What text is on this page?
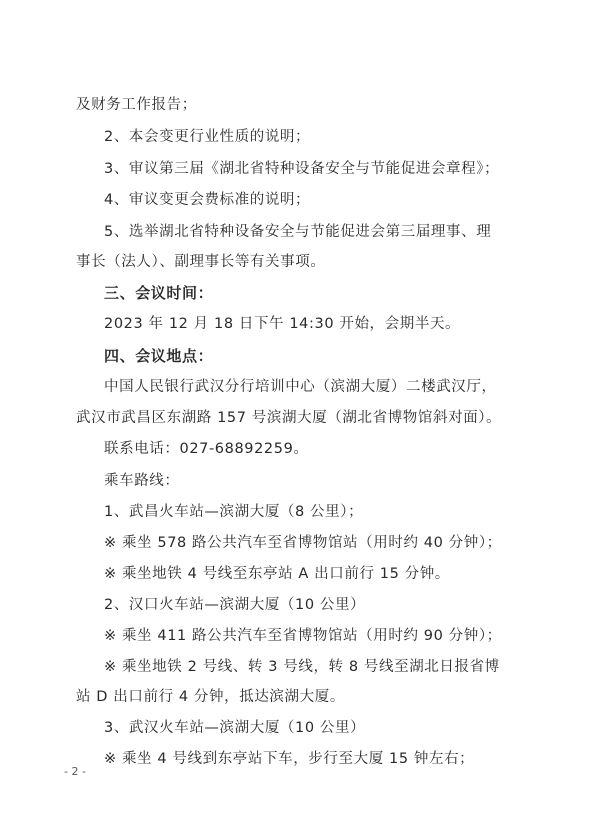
及财务工作报告；
2、本会变更行业性质的说明；
3、审议第三届《湖北省特种设备安全与节能促进会章程》；
4、审议变更会费标准的说明；
5、选举湖北省特种设备安全与节能促进会第三届理事、理
事长（法人）、副理事长等有关事项。
三、会议时间：
2023 年 12 月 18 日下午 14:30 开始，会期半天。
四、会议地点：
中国人民银行武汉分行培训中心（滨湖大厦）二楼武汉厅，
武汉市武昌区东湖路 157 号滨湖大厦（湖北省博物馆斜对面）。
联系电话：027-68892259。
乘车路线：
1、武昌火车站—滨湖大厦（8 公里）；
※ 乘坐 578 路公共汽车至省博物馆站（用时约 40 分钟）；
※ 乘坐地铁 4 号线至东亭站 A 出口前行 15 分钟。
2、汉口火车站—滨湖大厦（10 公里）
※ 乘坐 411 路公共汽车至省博物馆站（用时约 90 分钟）；
※ 乘坐地铁 2 号线、转 3 号线，转 8 号线至湖北日报省博
站 D 出口前行 4 分钟，抵达滨湖大厦。
3、武汉火车站—滨湖大厦（10 公里）
※ 乘坐 4 号线到东亭站下车，步行至大厦 15 钟左右；
- 2 -
